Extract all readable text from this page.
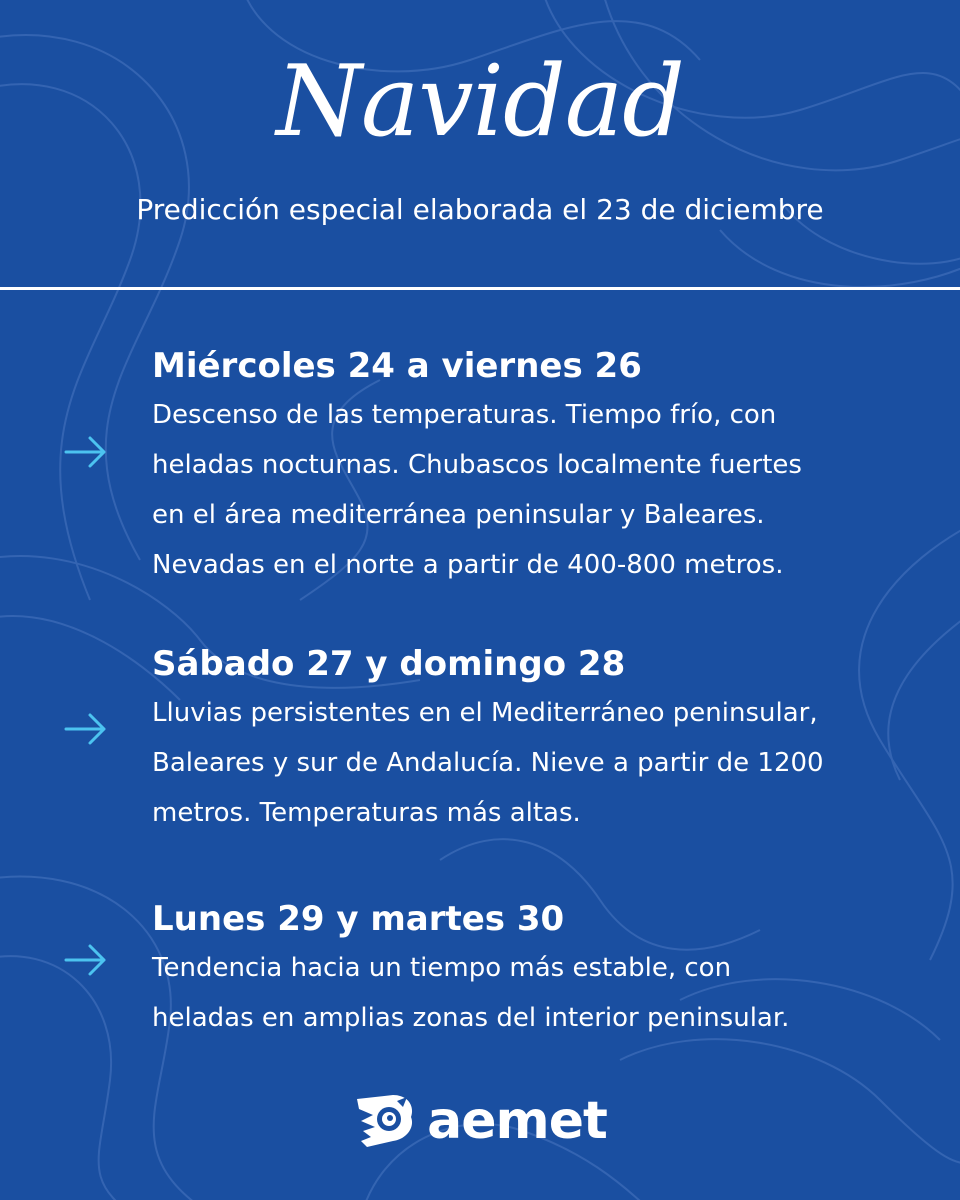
Navidad
Predicción especial elaborada el 23 de diciembre
Miércoles 24 a viernes 26
Descenso de las temperaturas. Tiempo frío, con
heladas nocturnas. Chubascos localmente fuertes
en el área mediterránea peninsular y Baleares.
Nevadas en el norte a partir de 400-800 metros.
Sábado 27 y domingo 28
Lluvias persistentes en el Mediterráneo peninsular,
Baleares y sur de Andalucía. Nieve a partir de 1200
metros. Temperaturas más altas.
Lunes 29 y martes 30
Tendencia hacia un tiempo más estable, con
heladas en amplias zonas del interior peninsular.
aemet
